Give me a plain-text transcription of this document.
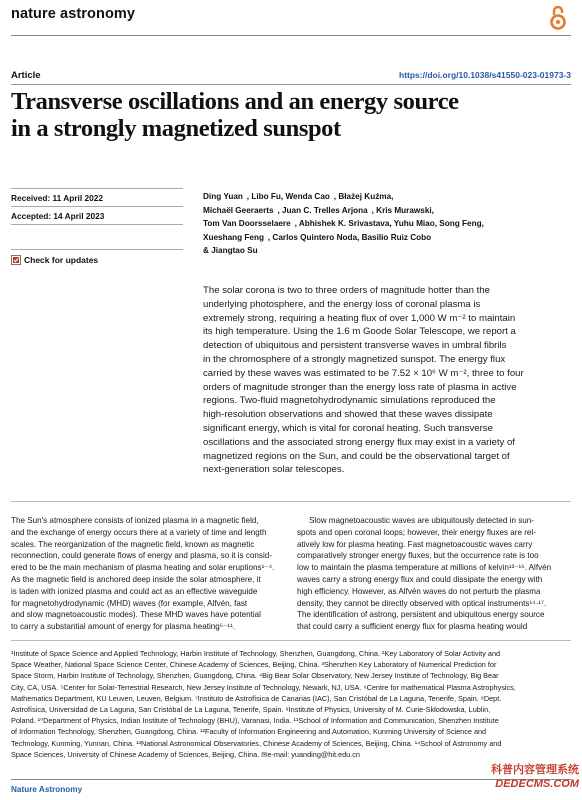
nature astronomy
Article	https://doi.org/10.1038/s41550-023-01973-3
Transverse oscillations and an energy source
in a strongly magnetized sunspot
Received: 11 April 2022
Accepted: 14 April 2023
Check for updates
Ding Yuan  , Libo Fu, Wenda Cao  , Błażej Kuźma,
Michaël Geeraerts  , Juan C. Trelles Arjona  , Kris Murawski,
Tom Van Doorsselaere  , Abhishek K. Srivastava, Yuhu Miao, Song Feng,
Xueshang Feng  , Carlos Quintero Noda, Basilio Ruiz Cobo
& Jiangtao Su
The solar corona is two to three orders of magnitude hotter than the
underlying photosphere, and the energy loss of coronal plasma is
extremely strong, requiring a heating flux of over 1,000 W m⁻² to maintain
its high temperature. Using the 1.6 m Goode Solar Telescope, we report a
detection of ubiquitous and persistent transverse waves in umbral fibrils
in the chromosphere of a strongly magnetized sunspot. The energy flux
carried by these waves was estimated to be 7.52 × 10⁶ W m⁻², three to four
orders of magnitude stronger than the energy loss rate of plasma in active
regions. Two-fluid magnetohydrodynamic simulations reproduced the
high-resolution observations and showed that these waves dissipate
significant energy, which is vital for coronal heating. Such transverse
oscillations and the associated strong energy flux may exist in a variety of
magnetized regions on the Sun, and could be the observational target of
next-generation solar telescopes.
The Sun's atmosphere consists of ionized plasma in a magnetic field,
and the exchange of energy occurs there at a variety of time and length
scales. The reorganization of the magnetic field, known as magnetic
reconnection, could generate flows of energy and plasma, so it is consid-
ered to be the main mechanism of plasma heating and solar eruptions¹⁻⁴.
As the magnetic field is anchored deep inside the solar atmosphere, it
is laden with ionized plasma and could act as an effective waveguide
for magnetohydrodynamic (MHD) waves (for example, Alfvén, fast
and slow magnetoacoustic modes). These MHD waves have potential
to carry a substantial amount of energy for plasma heating⁵⁻¹¹.
Slow magnetoacoustic waves are ubiquitously detected in sun-
spots and open coronal loops; however, their energy fluxes are rel-
atively low for plasma heating. Fast magnetoacoustic waves carry
comparatively stronger energy fluxes, but the occurrence rate is too
low to maintain the plasma temperature at millions of kelvin¹³⁻¹⁶. Alfvén
waves carry a strong energy flux and could dissipate the energy with
high efficiency. However, as Alfvén waves do not perturb the plasma
density, they cannot be directly observed with optical instruments¹⁴·¹⁷.
The identification of astrong, persistent and ubiquitous energy source
that could carry a sufficient energy flux for plasma heating would
¹Institute of Space Science and Applied Technology, Harbin Institute of Technology, Shenzhen, Guangdong, China. ²Key Laboratory of Solar Activity and
Space Weather, National Space Science Center, Chinese Academy of Sciences, Beijing, China. ³Shenzhen Key Laboratory of Numerical Prediction for
Space Storm, Harbin Institute of Technology, Shenzhen, Guangdong, China. ⁴Big Bear Solar Observatory, New Jersey Institute of Technology, Big Bear
City, CA, USA. ⁵Center for Solar-Terrestrial Research, New Jersey Institute of Technology, Newark, NJ, USA. ⁶Centre for mathematical Plasma Astrophysics,
Mathematics Department, KU Leuven, Leuven, Belgium. ⁷Instituto de Astrofísica de Canarias (IAC), San Cristóbal de La Laguna, Tenerife, Spain. ⁸Dept.
Astrofísica, Universidad de La Laguna, San Cristóbal de La Laguna, Tenerife, Spain. ⁹Institute of Physics, University of M. Curie-Skłodowska, Lublin,
Poland. ¹⁰Department of Physics, Indian Institute of Technology (BHU), Varanasi, India. ¹¹School of Information and Communication, Shenzhen Institute
of Information Technology, Shenzhen, Guangdong, China. ¹²Faculty of Information Engineering and Automation, Kunming University of Science and
Technology, Kunming, Yunnan, China. ¹³National Astronomical Observatories, Chinese Academy of Sciences, Beijing, China. ¹⁴School of Astronomy and
Space Sciences, University of Chinese Academy of Sciences, Beijing, China. ✉e-mail: yuanding@hit.edu.cn
Nature Astronomy
科普内容管理系统
DEDECMS.COM
